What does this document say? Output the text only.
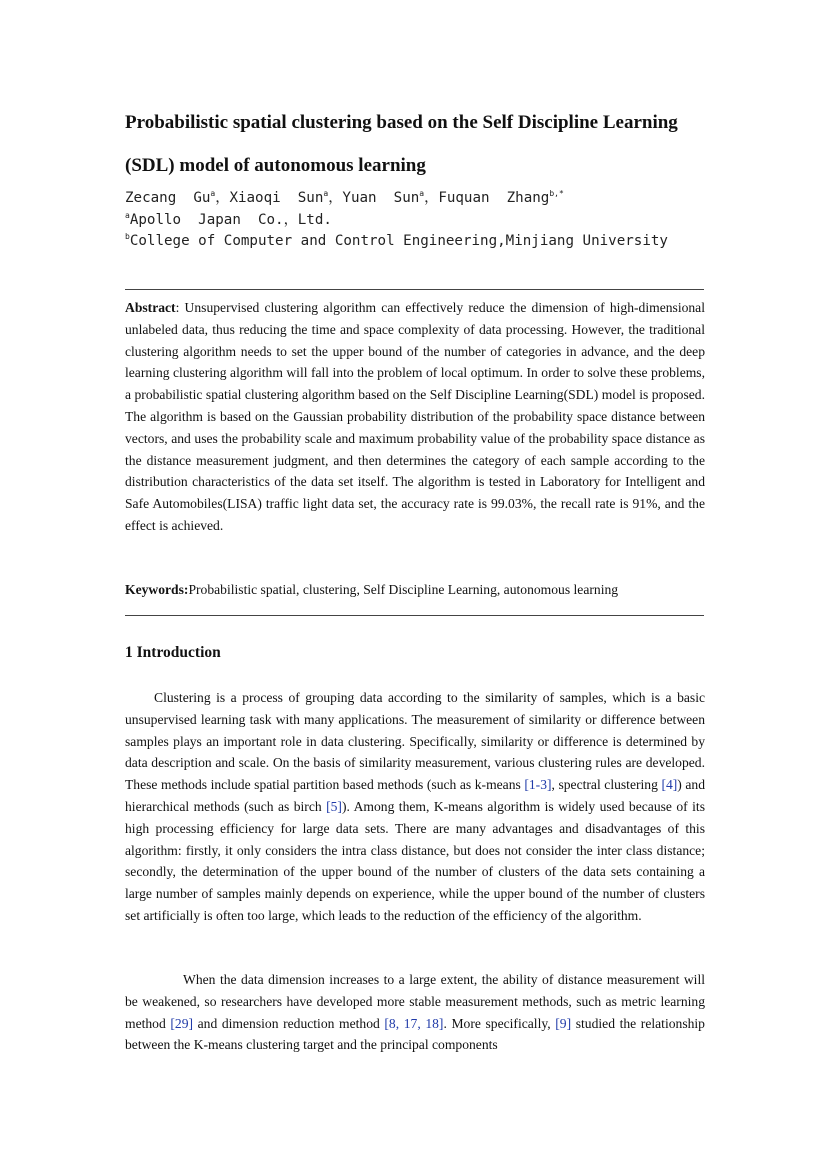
Probabilistic spatial clustering based on the Self Discipline Learning
(SDL) model of autonomous learning
Zecang  Gu$^a$，Xiaoqi  Sun$^a$，Yuan  Sun$^a$，Fuquan  Zhang$^{b,*}$
$^a$Apollo  Japan  Co.，Ltd.
$^b$College of Computer and Control Engineering,Minjiang University
Abstract: Unsupervised clustering algorithm can effectively reduce the dimension of high-dimensional unlabeled data, thus reducing the time and space complexity of data processing. However, the traditional clustering algorithm needs to set the upper bound of the number of categories in advance, and the deep learning clustering algorithm will fall into the problem of local optimum. In order to solve these problems, a probabilistic spatial clustering algorithm based on the Self Discipline Learning(SDL) model is proposed. The algorithm is based on the Gaussian probability distribution of the probability space distance between vectors, and uses the probability scale and maximum probability value of the probability space distance as the distance measurement judgment, and then determines the category of each sample according to the distribution characteristics of the data set itself. The algorithm is tested in Laboratory for Intelligent and Safe Automobiles(LISA) traffic light data set, the accuracy rate is 99.03%, the recall rate is 91%, and the effect is achieved.
Keywords:Probabilistic spatial, clustering, Self Discipline Learning, autonomous learning
1 Introduction
Clustering is a process of grouping data according to the similarity of samples, which is a basic unsupervised learning task with many applications. The measurement of similarity or difference between samples plays an important role in data clustering. Specifically, similarity or difference is determined by data description and scale. On the basis of similarity measurement, various clustering rules are developed. These methods include spatial partition based methods (such as k-means [1-3], spectral clustering [4]) and hierarchical methods (such as birch [5]). Among them, K-means algorithm is widely used because of its high processing efficiency for large data sets. There are many advantages and disadvantages of this algorithm: firstly, it only considers the intra class distance, but does not consider the inter class distance; secondly, the determination of the upper bound of the number of clusters of the data sets containing a large number of samples mainly depends on experience, while the upper bound of the number of clusters set artificially is often too large, which leads to the reduction of the efficiency of the algorithm.
When the data dimension increases to a large extent, the ability of distance measurement will be weakened, so researchers have developed more stable measurement methods, such as metric learning method [29] and dimension reduction method [8, 17, 18]. More specifically, [9] studied the relationship between the K-means clustering target and the principal components
